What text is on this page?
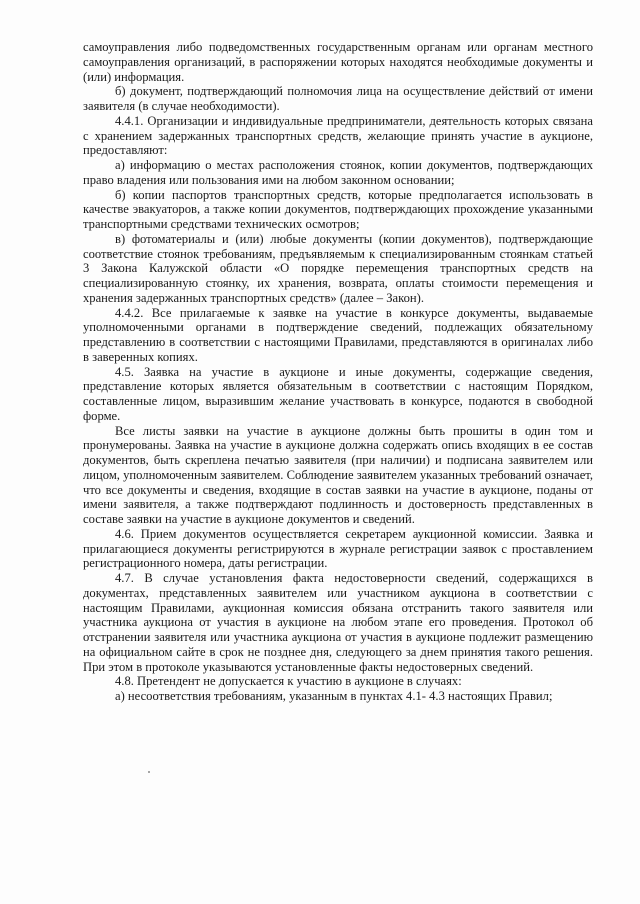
самоуправления либо подведомственных государственным органам или органам местного самоуправления организаций, в распоряжении которых находятся необходимые документы и (или) информация.

б) документ, подтверждающий полномочия лица на осуществление действий от имени заявителя (в случае необходимости).

4.4.1. Организации и индивидуальные предприниматели, деятельность которых связана с хранением задержанных транспортных средств, желающие принять участие в аукционе, предоставляют:

а) информацию о местах расположения стоянок, копии документов, подтверждающих право владения или пользования ими на любом законном основании;

б) копии паспортов транспортных средств, которые предполагается использовать в качестве эвакуаторов, а также копии документов, подтверждающих прохождение указанными транспортными средствами технических осмотров;

в) фотоматериалы и (или) любые документы (копии документов), подтверждающие соответствие стоянок требованиям, предъявляемым к специализированным стоянкам статьей 3 Закона Калужской области «О порядке перемещения транспортных средств на специализированную стоянку, их хранения, возврата, оплаты стоимости перемещения и хранения задержанных транспортных средств» (далее – Закон).

4.4.2. Все прилагаемые к заявке на участие в конкурсе документы, выдаваемые уполномоченными органами в подтверждение сведений, подлежащих обязательному представлению в соответствии с настоящими Правилами, представляются в оригиналах либо в заверенных копиях.

4.5. Заявка на участие в аукционе и иные документы, содержащие сведения, представление которых является обязательным в соответствии с настоящим Порядком, составленные лицом, выразившим желание участвовать в конкурсе, подаются в свободной форме.

Все листы заявки на участие в аукционе должны быть прошиты в один том и пронумерованы. Заявка на участие в аукционе должна содержать опись входящих в ее состав документов, быть скреплена печатью заявителя (при наличии) и подписана заявителем или лицом, уполномоченным заявителем. Соблюдение заявителем указанных требований означает, что все документы и сведения, входящие в состав заявки на участие в аукционе, поданы от имени заявителя, а также подтверждают подлинность и достоверность представленных в составе заявки на участие в аукционе документов и сведений.

4.6. Прием документов осуществляется секретарем аукционной комиссии. Заявка и прилагающиеся документы регистрируются в журнале регистрации заявок с проставлением регистрационного номера, даты регистрации.

4.7. В случае установления факта недостоверности сведений, содержащихся в документах, представленных заявителем или участником аукциона в соответствии с настоящим Правилами, аукционная комиссия обязана отстранить такого заявителя или участника аукциона от участия в аукционе на любом этапе его проведения. Протокол об отстранении заявителя или участника аукциона от участия в аукционе подлежит размещению на официальном сайте в срок не позднее дня, следующего за днем принятия такого решения. При этом в протоколе указываются установленные факты недостоверных сведений.

4.8. Претендент не допускается к участию в аукционе в случаях:

а) несоответствия требованиям, указанным в пунктах 4.1- 4.3 настоящих Правил;
